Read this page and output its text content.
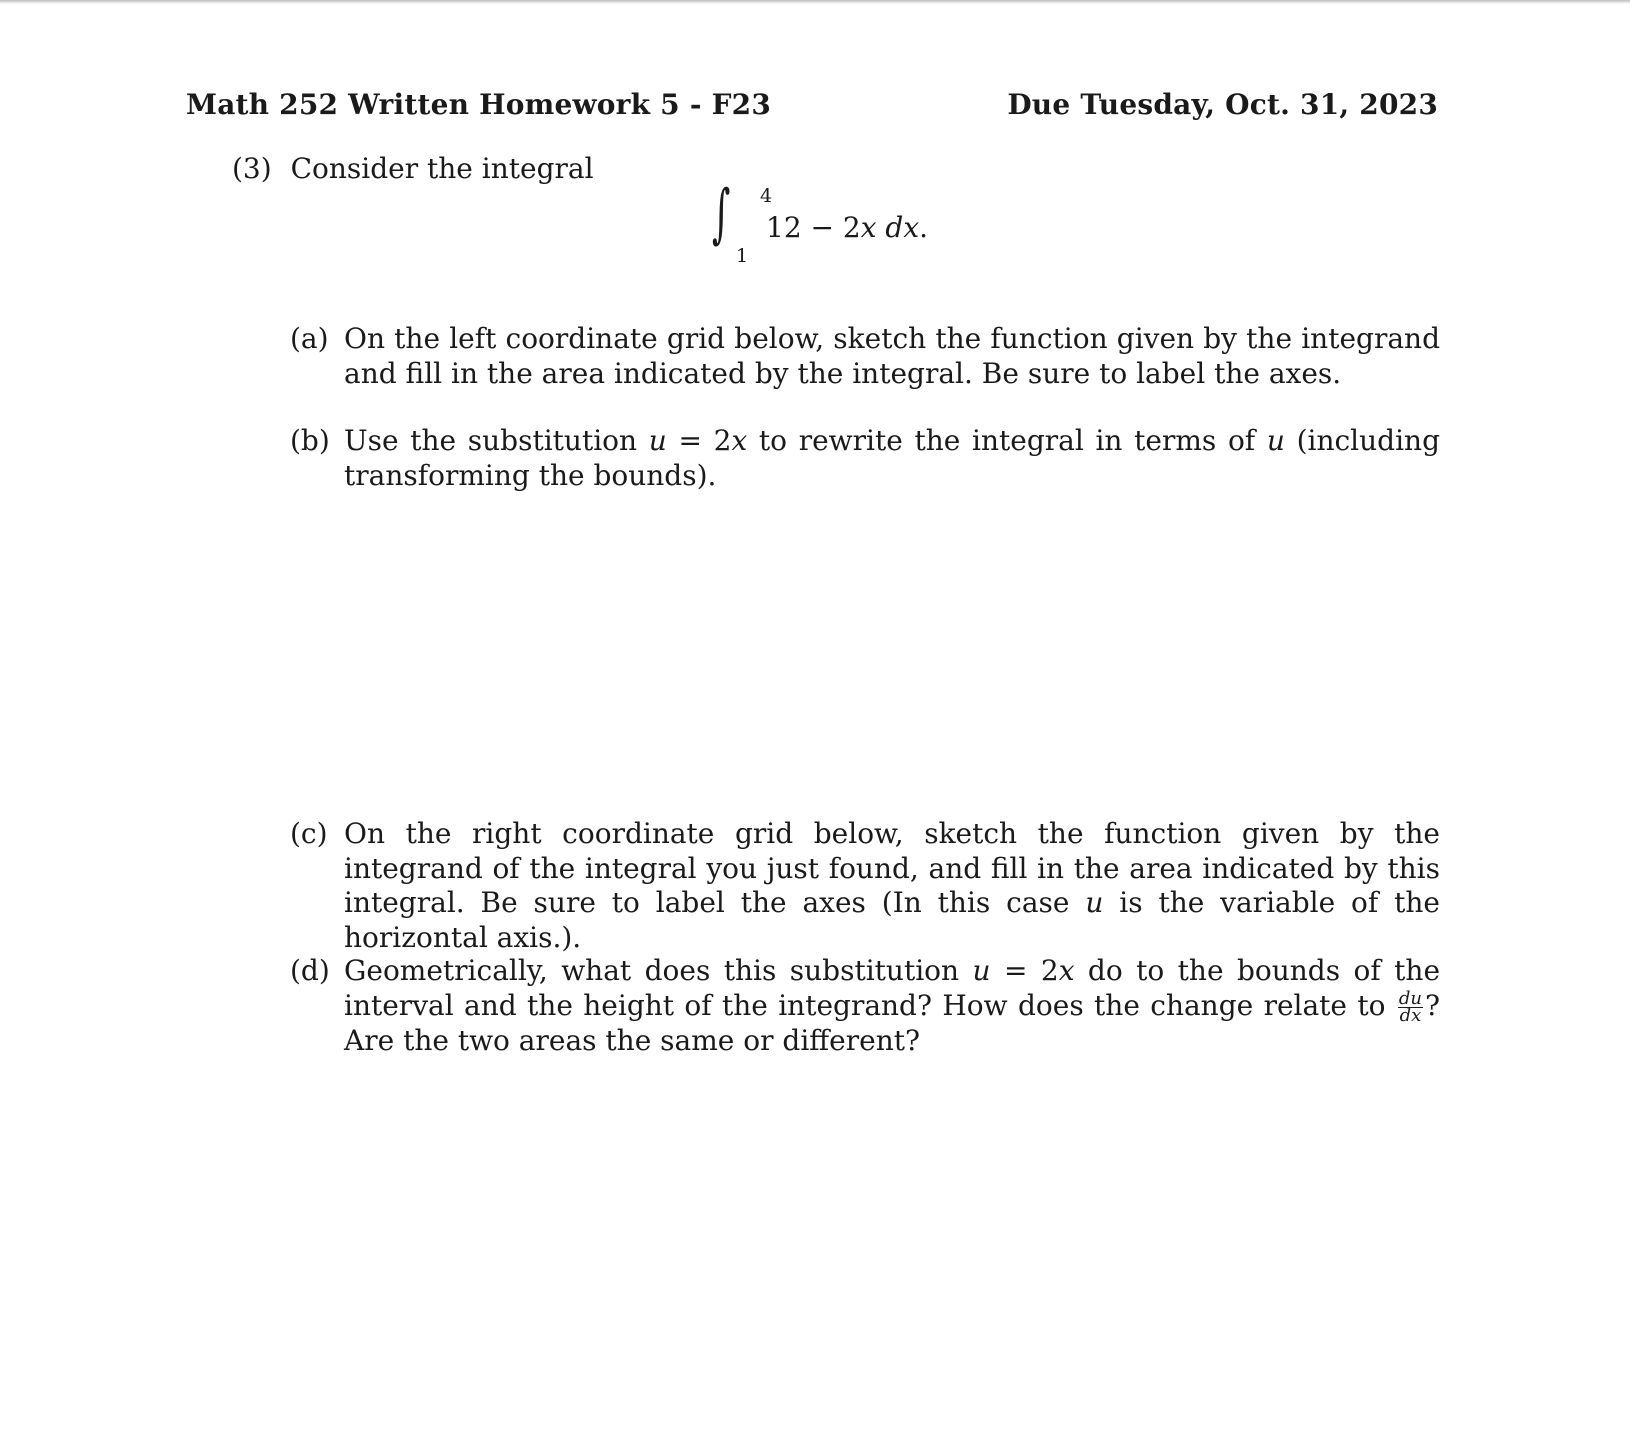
Math 252 Written Homework 5 - F23	Due Tuesday, Oct. 31, 2023
(3) Consider the integral
∫ 4
1
12 − 2x dx.
(a) On the left coordinate grid below, sketch the function given by the integrand and fill in the area indicated by the integral. Be sure to label the axes.
(b) Use the substitution u = 2x to rewrite the integral in terms of u (including transforming the bounds).
(c) On the right coordinate grid below, sketch the function given by the integrand of the integral you just found, and fill in the area indicated by this integral. Be sure to label the axes (In this case u is the variable of the horizontal axis.).
(d) Geometrically, what does this substitution u = 2x do to the bounds of the interval and the height of the integrand? How does the change relate to $\frac{du}{dx}$ ? Are the two areas the same or different?
